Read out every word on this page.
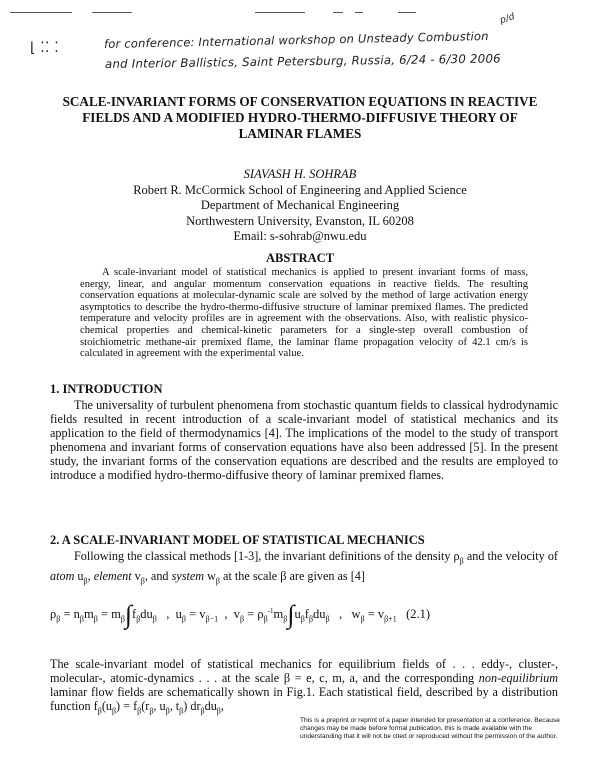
p/d
⌊ ⁚⁚ ⁚	for conference: International workshop on Unsteady Combustion
and Interior Ballistics, Saint Petersburg, Russia, 6/24 - 6/30 2006
SCALE-INVARIANT FORMS OF CONSERVATION EQUATIONS IN REACTIVE FIELDS AND A MODIFIED HYDRO-THERMO-DIFFUSIVE THEORY OF LAMINAR FLAMES
SIAVASH H. SOHRAB
Robert R. McCormick School of Engineering and Applied Science
Department of Mechanical Engineering
Northwestern University, Evanston, IL 60208
Email: s-sohrab@nwu.edu
ABSTRACT
A scale-invariant model of statistical mechanics is applied to present invariant forms of mass, energy, linear, and angular momentum conservation equations in reactive fields. The resulting conservation equations at molecular-dynamic scale are solved by the method of large activation energy asymptotics to describe the hydro-thermo-diffusive structure of laminar premixed flames. The predicted temperature and velocity profiles are in agreement with the observations. Also, with realistic physico-chemical properties and chemical-kinetic parameters for a single-step overall combustion of stoichiometric methane-air premixed flame, the laminar flame propagation velocity of 42.1 cm/s is calculated in agreement with the experimental value.
1. INTRODUCTION
The universality of turbulent phenomena from stochastic quantum fields to classical hydrodynamic fields resulted in recent introduction of a scale-invariant model of statistical mechanics and its application to the field of thermodynamics [4]. The implications of the model to the study of transport phenomena and invariant forms of conservation equations have also been addressed [5]. In the present study, the invariant forms of the conservation equations are described and the results are employed to introduce a modified hydro-thermo-diffusive theory of laminar premixed flames.
2. A SCALE-INVARIANT MODEL OF STATISTICAL MECHANICS
Following the classical methods [1-3], the invariant definitions of the density $\rho_\beta$ and the velocity of atom $u_\beta$, element $v_\beta$, and system $w_\beta$ at the scale β are given as [4]
$\rho_\beta = n_\beta m_\beta = m_\beta\int f_\beta du_\beta$   ,  $u_\beta = v_{\beta-1}$  ,  $v_\beta = \rho_\beta^{-1}m_\beta\int u_\beta f_\beta du_\beta$   ,   $w_\beta = v_{\beta+1}$ (2.1)
The scale-invariant model of statistical mechanics for equilibrium fields of . . . eddy-, cluster-, molecular-, atomic-dynamics . . . at the scale β = e, c, m, a, and the corresponding non-equilibrium laminar flow fields are schematically shown in Fig.1. Each statistical field, described by a distribution function $f_\beta(u_\beta) = f_\beta(r_\beta$, $u_\beta$, $t_\beta$) $dr_\beta du_\beta$,
This is a preprint or reprint of a paper intended for presentation at a conference. Because changes may be made before formal publication, this is made available with the understanding that it will not be cited or reproduced without the permission of the author.
